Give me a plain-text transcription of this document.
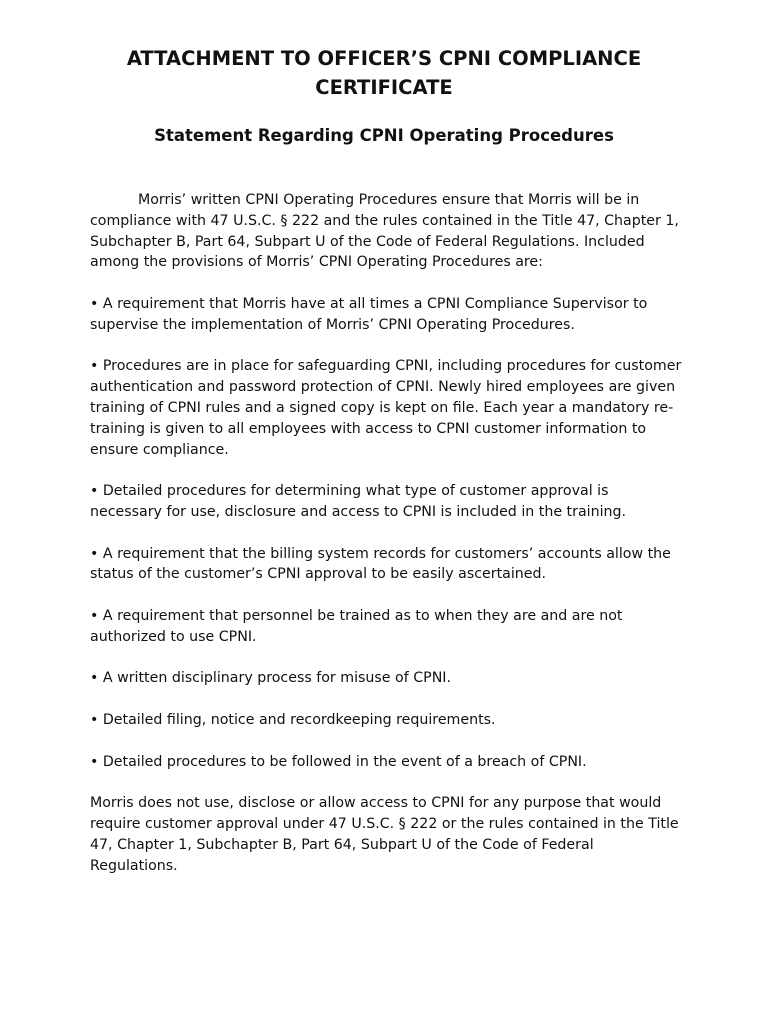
ATTACHMENT TO OFFICER’S CPNI COMPLIANCE CERTIFICATE
Statement Regarding CPNI Operating Procedures

Morris’ written CPNI Operating Procedures ensure that Morris will be in compliance with 47 U.S.C. § 222 and the rules contained in the Title 47, Chapter 1, Subchapter B, Part 64, Subpart U of the Code of Federal Regulations. Included among the provisions of Morris’ CPNI Operating Procedures are:

• A requirement that Morris have at all times a CPNI Compliance Supervisor to supervise the implementation of Morris’ CPNI Operating Procedures.

• Procedures are in place for safeguarding CPNI, including procedures for customer authentication and password protection of CPNI. Newly hired employees are given training of CPNI rules and a signed copy is kept on file. Each year a mandatory re-training is given to all employees with access to CPNI customer information to ensure compliance.

• Detailed procedures for determining what type of customer approval is necessary for use, disclosure and access to CPNI is included in the training.

• A requirement that the billing system records for customers’ accounts allow the status of the customer’s CPNI approval to be easily ascertained.

• A requirement that personnel be trained as to when they are and are not authorized to use CPNI.

• A written disciplinary process for misuse of CPNI.

• Detailed filing, notice and recordkeeping requirements.

• Detailed procedures to be followed in the event of a breach of CPNI.

Morris does not use, disclose or allow access to CPNI for any purpose that would require customer approval under 47 U.S.C. § 222 or the rules contained in the Title 47, Chapter 1, Subchapter B, Part 64, Subpart U of the Code of Federal Regulations.
